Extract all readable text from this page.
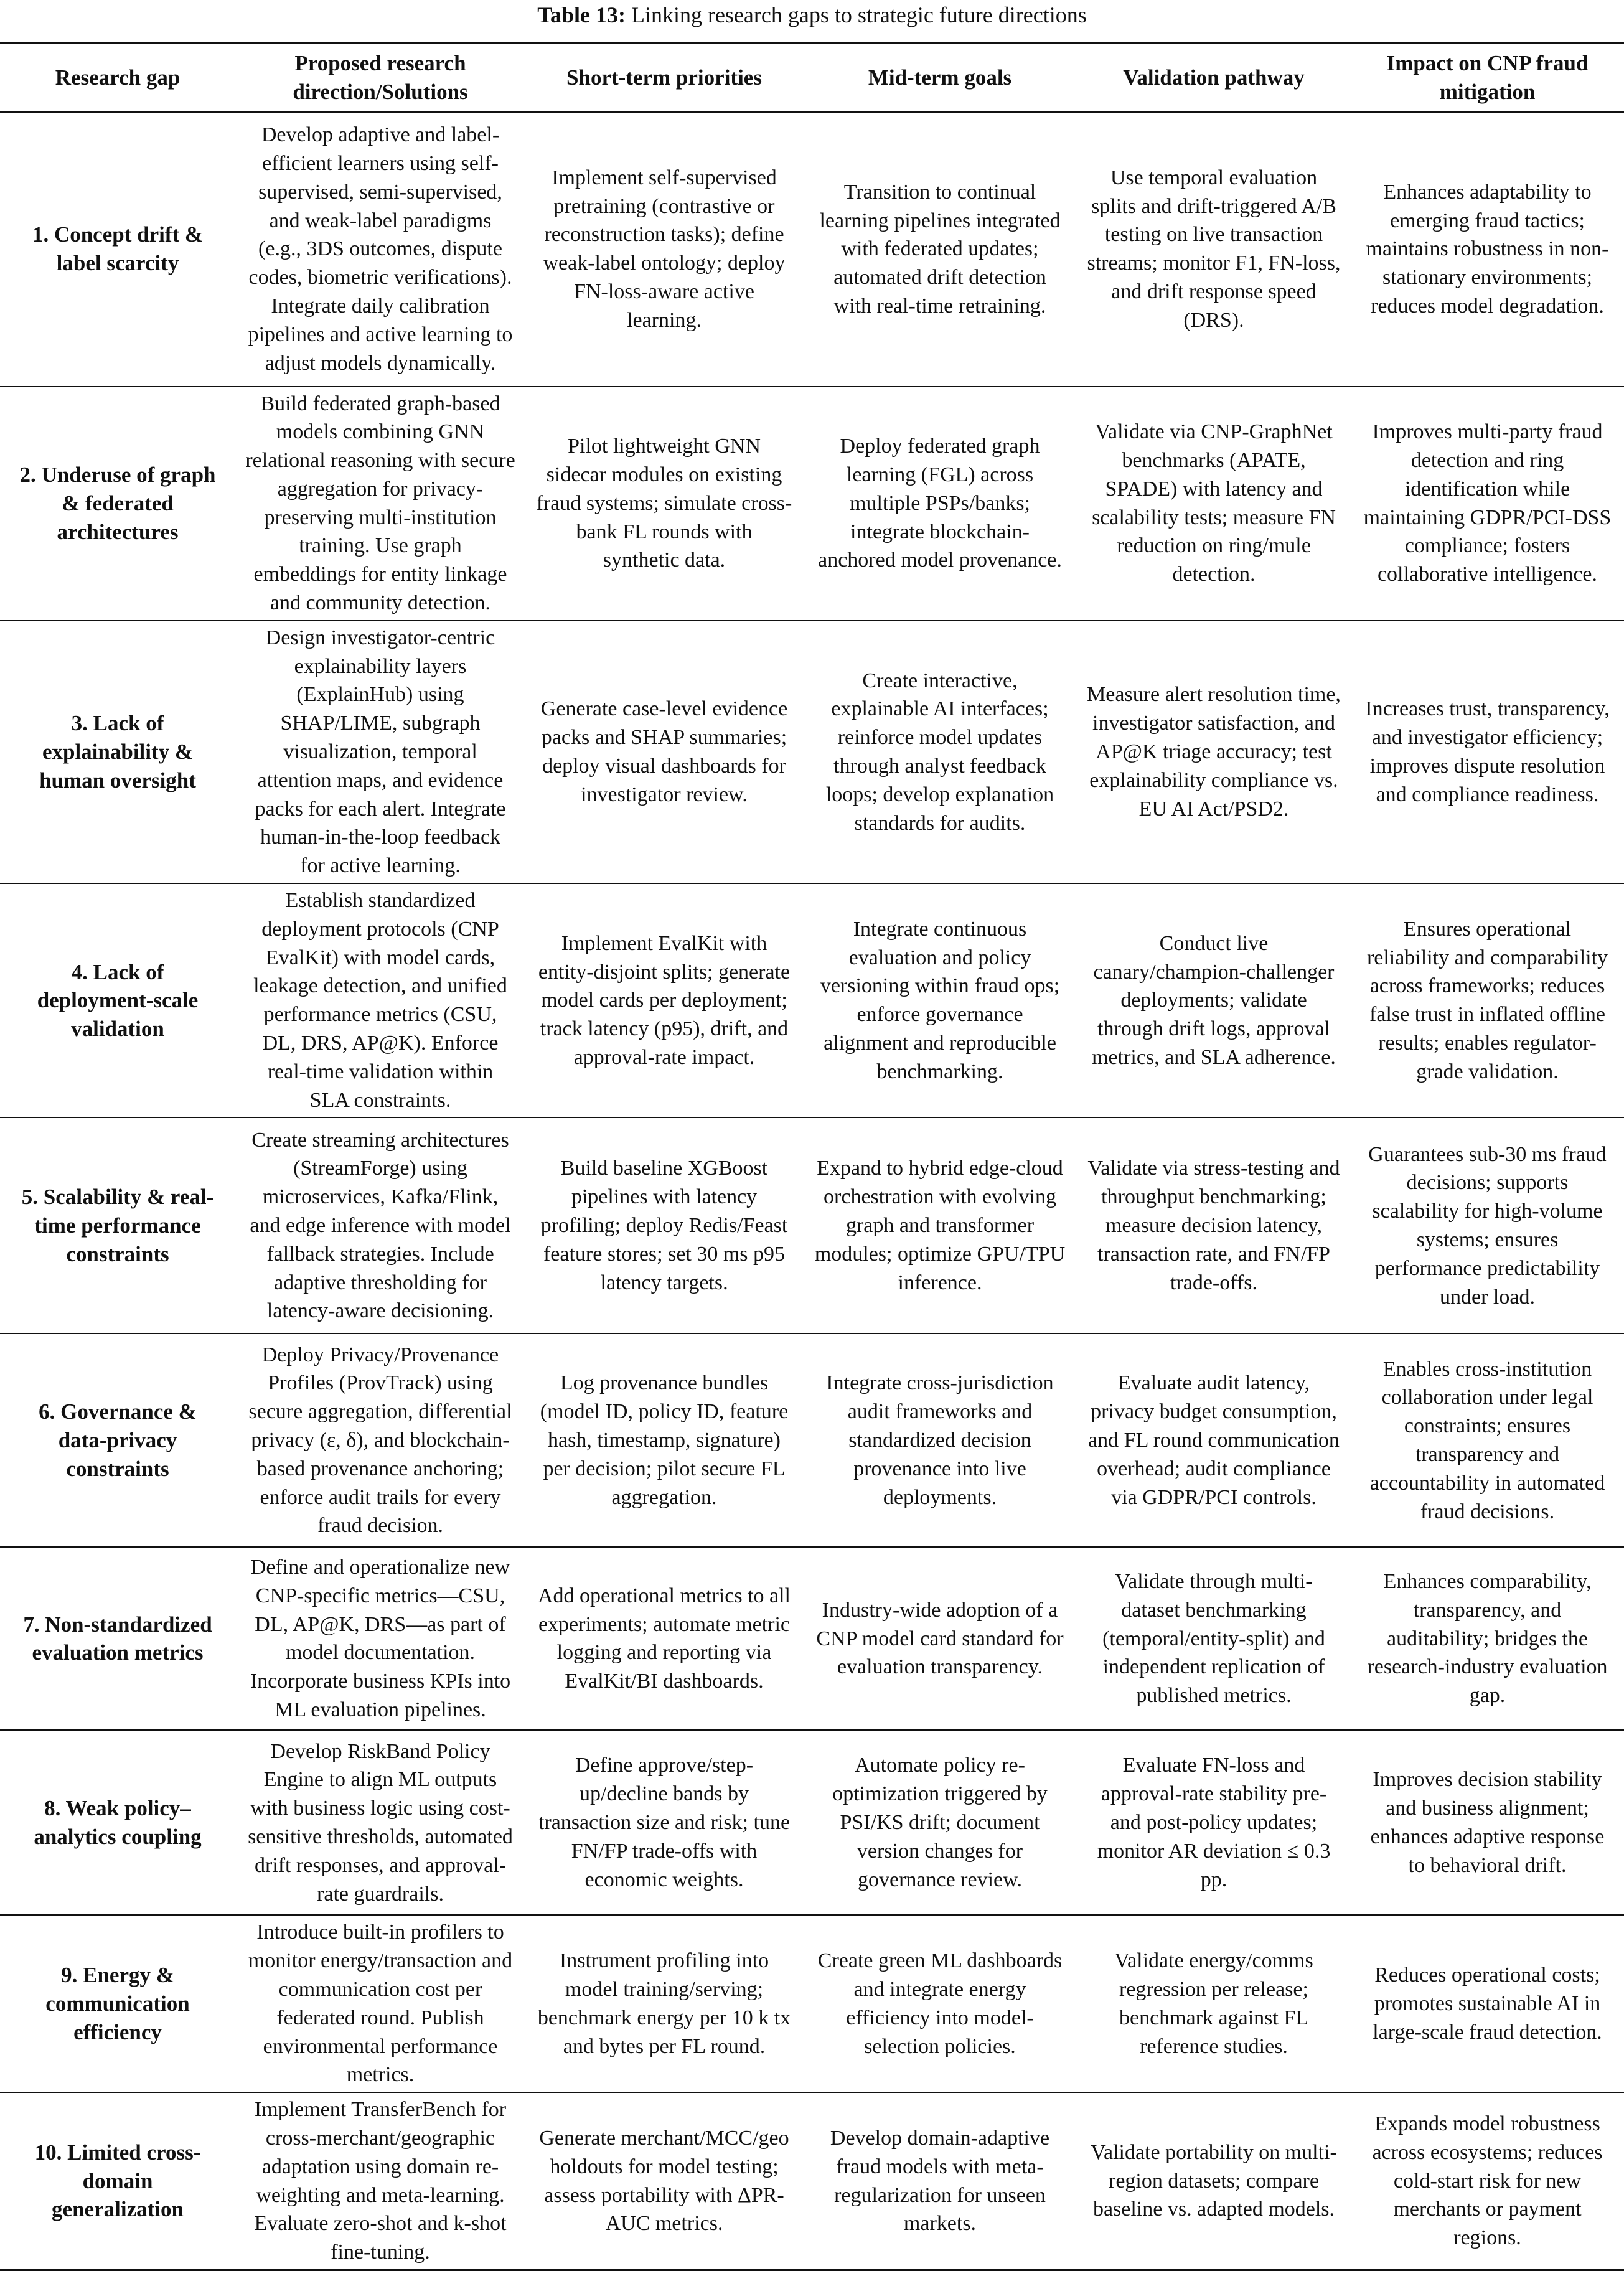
Table 13: Linking research gaps to strategic future directions
Research gap	Proposed research direction/Solutions	Short-term priorities	Mid-term goals	Validation pathway	Impact on CNP fraud mitigation
1. Concept drift & label scarcity	Develop adaptive and label-efficient learners using self-supervised, semi-supervised, and weak-label paradigms (e.g., 3DS outcomes, dispute codes, biometric verifications). Integrate daily calibration pipelines and active learning to adjust models dynamically.	Implement self-supervised pretraining (contrastive or reconstruction tasks); define weak-label ontology; deploy FN-loss-aware active learning.	Transition to continual learning pipelines integrated with federated updates; automated drift detection with real-time retraining.	Use temporal evaluation splits and drift-triggered A/B testing on live transaction streams; monitor F1, FN-loss, and drift response speed (DRS).	Enhances adaptability to emerging fraud tactics; maintains robustness in non-stationary environments; reduces model degradation.
2. Underuse of graph & federated architectures	Build federated graph-based models combining GNN relational reasoning with secure aggregation for privacy-preserving multi-institution training. Use graph embeddings for entity linkage and community detection.	Pilot lightweight GNN sidecar modules on existing fraud systems; simulate cross-bank FL rounds with synthetic data.	Deploy federated graph learning (FGL) across multiple PSPs/banks; integrate blockchain-anchored model provenance.	Validate via CNP-GraphNet benchmarks (APATE, SPADE) with latency and scalability tests; measure FN reduction on ring/mule detection.	Improves multi-party fraud detection and ring identification while maintaining GDPR/PCI-DSS compliance; fosters collaborative intelligence.
3. Lack of explainability & human oversight	Design investigator-centric explainability layers (ExplainHub) using SHAP/LIME, subgraph visualization, temporal attention maps, and evidence packs for each alert. Integrate human-in-the-loop feedback for active learning.	Generate case-level evidence packs and SHAP summaries; deploy visual dashboards for investigator review.	Create interactive, explainable AI interfaces; reinforce model updates through analyst feedback loops; develop explanation standards for audits.	Measure alert resolution time, investigator satisfaction, and AP@K triage accuracy; test explainability compliance vs. EU AI Act/PSD2.	Increases trust, transparency, and investigator efficiency; improves dispute resolution and compliance readiness.
4. Lack of deployment-scale validation	Establish standardized deployment protocols (CNP EvalKit) with model cards, leakage detection, and unified performance metrics (CSU, DL, DRS, AP@K). Enforce real-time validation within SLA constraints.	Implement EvalKit with entity-disjoint splits; generate model cards per deployment; track latency (p95), drift, and approval-rate impact.	Integrate continuous evaluation and policy versioning within fraud ops; enforce governance alignment and reproducible benchmarking.	Conduct live canary/champion-challenger deployments; validate through drift logs, approval metrics, and SLA adherence.	Ensures operational reliability and comparability across frameworks; reduces false trust in inflated offline results; enables regulator-grade validation.
5. Scalability & real-time performance constraints	Create streaming architectures (StreamForge) using microservices, Kafka/Flink, and edge inference with model fallback strategies. Include adaptive thresholding for latency-aware decisioning.	Build baseline XGBoost pipelines with latency profiling; deploy Redis/Feast feature stores; set 30 ms p95 latency targets.	Expand to hybrid edge-cloud orchestration with evolving graph and transformer modules; optimize GPU/TPU inference.	Validate via stress-testing and throughput benchmarking; measure decision latency, transaction rate, and FN/FP trade-offs.	Guarantees sub-30 ms fraud decisions; supports scalability for high-volume systems; ensures performance predictability under load.
6. Governance & data-privacy constraints	Deploy Privacy/Provenance Profiles (ProvTrack) using secure aggregation, differential privacy (ε, δ), and blockchain-based provenance anchoring; enforce audit trails for every fraud decision.	Log provenance bundles (model ID, policy ID, feature hash, timestamp, signature) per decision; pilot secure FL aggregation.	Integrate cross-jurisdiction audit frameworks and standardized decision provenance into live deployments.	Evaluate audit latency, privacy budget consumption, and FL round communication overhead; audit compliance via GDPR/PCI controls.	Enables cross-institution collaboration under legal constraints; ensures transparency and accountability in automated fraud decisions.
7. Non-standardized evaluation metrics	Define and operationalize new CNP-specific metrics—CSU, DL, AP@K, DRS—as part of model documentation. Incorporate business KPIs into ML evaluation pipelines.	Add operational metrics to all experiments; automate metric logging and reporting via EvalKit/BI dashboards.	Industry-wide adoption of a CNP model card standard for evaluation transparency.	Validate through multi-dataset benchmarking (temporal/entity-split) and independent replication of published metrics.	Enhances comparability, transparency, and auditability; bridges the research-industry evaluation gap.
8. Weak policy–analytics coupling	Develop RiskBand Policy Engine to align ML outputs with business logic using cost-sensitive thresholds, automated drift responses, and approval-rate guardrails.	Define approve/step-up/decline bands by transaction size and risk; tune FN/FP trade-offs with economic weights.	Automate policy re-optimization triggered by PSI/KS drift; document version changes for governance review.	Evaluate FN-loss and approval-rate stability pre- and post-policy updates; monitor AR deviation ≤ 0.3 pp.	Improves decision stability and business alignment; enhances adaptive response to behavioral drift.
9. Energy & communication efficiency	Introduce built-in profilers to monitor energy/transaction and communication cost per federated round. Publish environmental performance metrics.	Instrument profiling into model training/serving; benchmark energy per 10 k tx and bytes per FL round.	Create green ML dashboards and integrate energy efficiency into model-selection policies.	Validate energy/comms regression per release; benchmark against FL reference studies.	Reduces operational costs; promotes sustainable AI in large-scale fraud detection.
10. Limited cross-domain generalization	Implement TransferBench for cross-merchant/geographic adaptation using domain re-weighting and meta-learning. Evaluate zero-shot and k-shot fine-tuning.	Generate merchant/MCC/geo holdouts for model testing; assess portability with ΔPR-AUC metrics.	Develop domain-adaptive fraud models with meta-regularization for unseen markets.	Validate portability on multi-region datasets; compare baseline vs. adapted models.	Expands model robustness across ecosystems; reduces cold-start risk for new merchants or payment regions.
